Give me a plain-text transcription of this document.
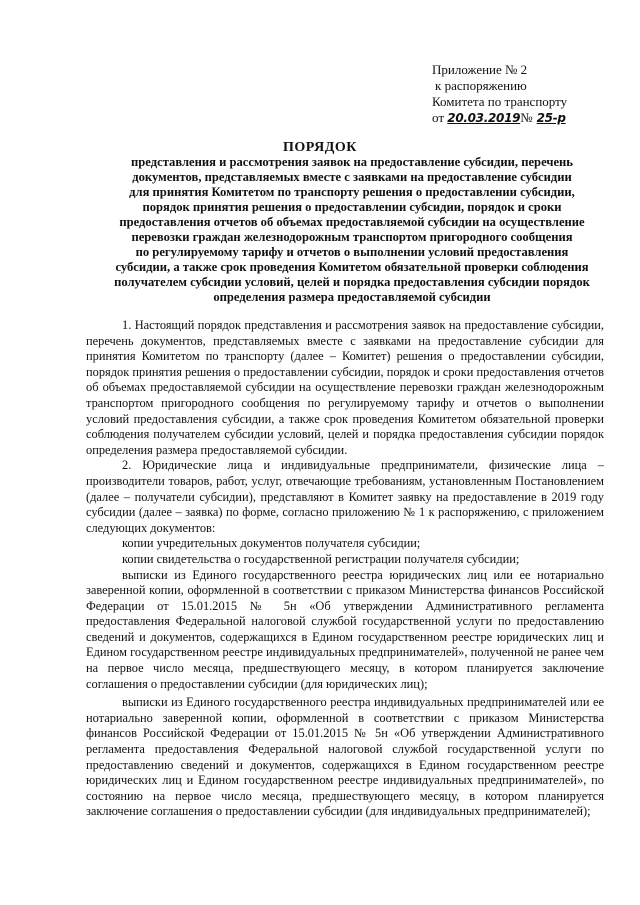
Приложение № 2
к распоряжению
Комитета по транспорту
от 20.03.2019№ 25-р
ПОРЯДОК
представления и рассмотрения заявок на предоставление субсидии, перечень
документов, представляемых вместе с заявками на предоставление субсидии
для принятия Комитетом по транспорту решения о предоставлении субсидии,
порядок принятия решения о предоставлении субсидии, порядок и сроки
предоставления отчетов об объемах предоставляемой субсидии на осуществление
перевозки граждан железнодорожным транспортом пригородного сообщения
по регулируемому тарифу и отчетов о выполнении условий предоставления
субсидии, а также срок проведения Комитетом обязательной проверки соблюдения
получателем субсидии условий, целей и порядка предоставления субсидии порядок
определения размера предоставляемой субсидии

1. Настоящий порядок представления и рассмотрения заявок на предоставление субсидии, перечень документов, представляемых вместе с заявками на предоставление субсидии для принятия Комитетом по транспорту (далее – Комитет) решения о предоставлении субсидии, порядок принятия решения о предоставлении субсидии, порядок и сроки предоставления отчетов об объемах предоставляемой субсидии на осуществление перевозки граждан железнодорожным транспортом пригородного сообщения по регулируемому тарифу и отчетов о выполнении условий предоставления субсидии, а также срок проведения Комитетом обязательной проверки соблюдения получателем субсидии условий, целей и порядка предоставления субсидии порядок определения размера предоставляемой субсидии.

2. Юридические лица и индивидуальные предприниматели, физические лица – производители товаров, работ, услуг, отвечающие требованиям, установленным Постановлением (далее – получатели субсидии), представляют в Комитет заявку на предоставление в 2019 году субсидии (далее – заявка) по форме, согласно приложению № 1 к распоряжению, с приложением следующих документов:

копии учредительных документов получателя субсидии;

копии свидетельства о государственной регистрации получателя субсидии;

выписки из Единого государственного реестра юридических лиц или ее нотариально заверенной копии, оформленной в соответствии с приказом Министерства финансов Российской Федерации от 15.01.2015 № 5н «Об утверждении Административного регламента предоставления Федеральной налоговой службой государственной услуги по предоставлению сведений и документов, содержащихся в Едином государственном реестре юридических лиц и Едином государственном реестре индивидуальных предпринимателей», полученной не ранее чем на первое число месяца, предшествующего месяцу, в котором планируется заключение соглашения о предоставлении субсидии (для юридических лиц);

выписки из Единого государственного реестра индивидуальных предпринимателей или ее нотариально заверенной копии, оформленной в соответствии с приказом Министерства финансов Российской Федерации от 15.01.2015 № 5н «Об утверждении Административного регламента предоставления Федеральной налоговой службой государственной услуги по предоставлению сведений и документов, содержащихся в Едином государственном реестре юридических лиц и Едином государственном реестре индивидуальных предпринимателей», по состоянию на первое число месяца, предшествующего месяцу, в котором планируется заключение соглашения о предоставлении субсидии (для индивидуальных предпринимателей);
